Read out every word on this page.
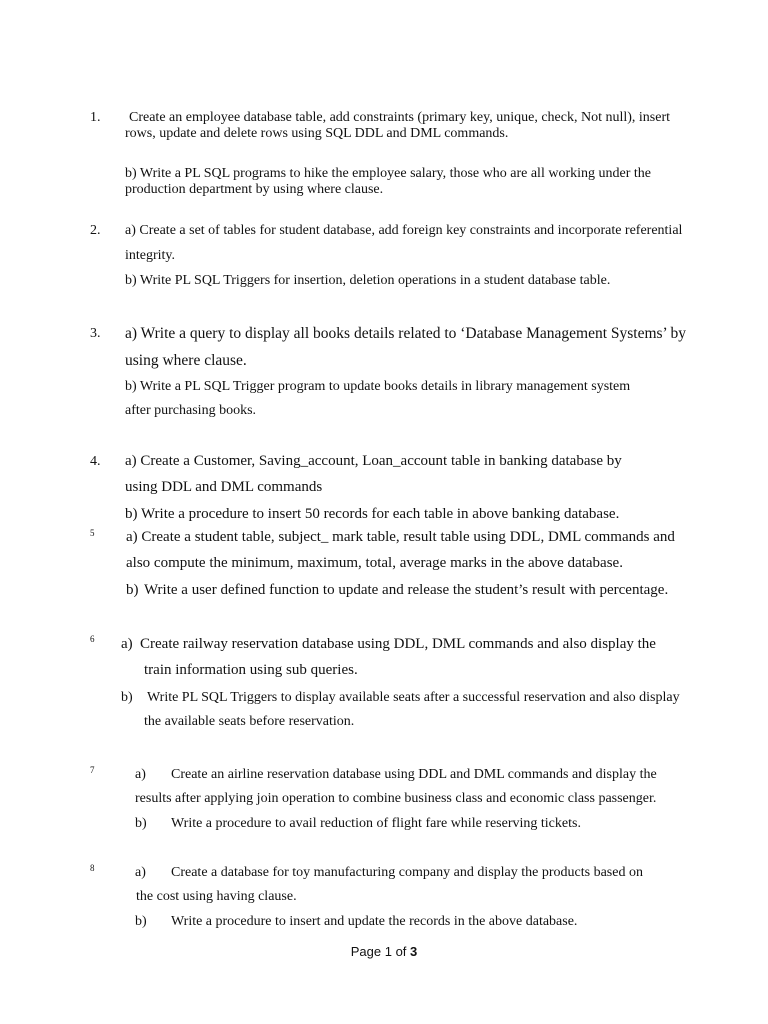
1. Create an employee database table, add constraints (primary key, unique, check, Not null), insert
rows, update and delete rows using SQL DDL and DML commands.
b) Write a PL SQL programs to hike the employee salary, those who are all working under the
production department by using where clause.
2. a) Create a set of tables for student database, add foreign key constraints and incorporate referential
integrity.
b) Write PL SQL Triggers for insertion, deletion operations in a student database table.
3. a) Write a query to display all books details related to ‘Database Management Systems’ by
using where clause.
b) Write a PL SQL Trigger program to update books details in library management system
after purchasing books.
4. a) Create a Customer, Saving_account, Loan_account table in banking database by
using DDL and DML commands
b) Write a procedure to insert 50 records for each table in above banking database.
5 a) Create a student table, subject_ mark table, result table using DDL, DML commands and
also compute the minimum, maximum, total, average marks in the above database.
b) Write a user defined function to update and release the student’s result with percentage.
6 a) Create railway reservation database using DDL, DML commands and also display the
train information using sub queries.
b) Write PL SQL Triggers to display available seats after a successful reservation and also display
the available seats before reservation.
7	a) Create an airline reservation database using DDL and DML commands and display the
results after applying join operation to combine business class and economic class passenger.
b) Write a procedure to avail reduction of flight fare while reserving tickets.
8	a) Create a database for toy manufacturing company and display the products based on
the cost using having clause.
b) Write a procedure to insert and update the records in the above database.
Page 1 of 3
